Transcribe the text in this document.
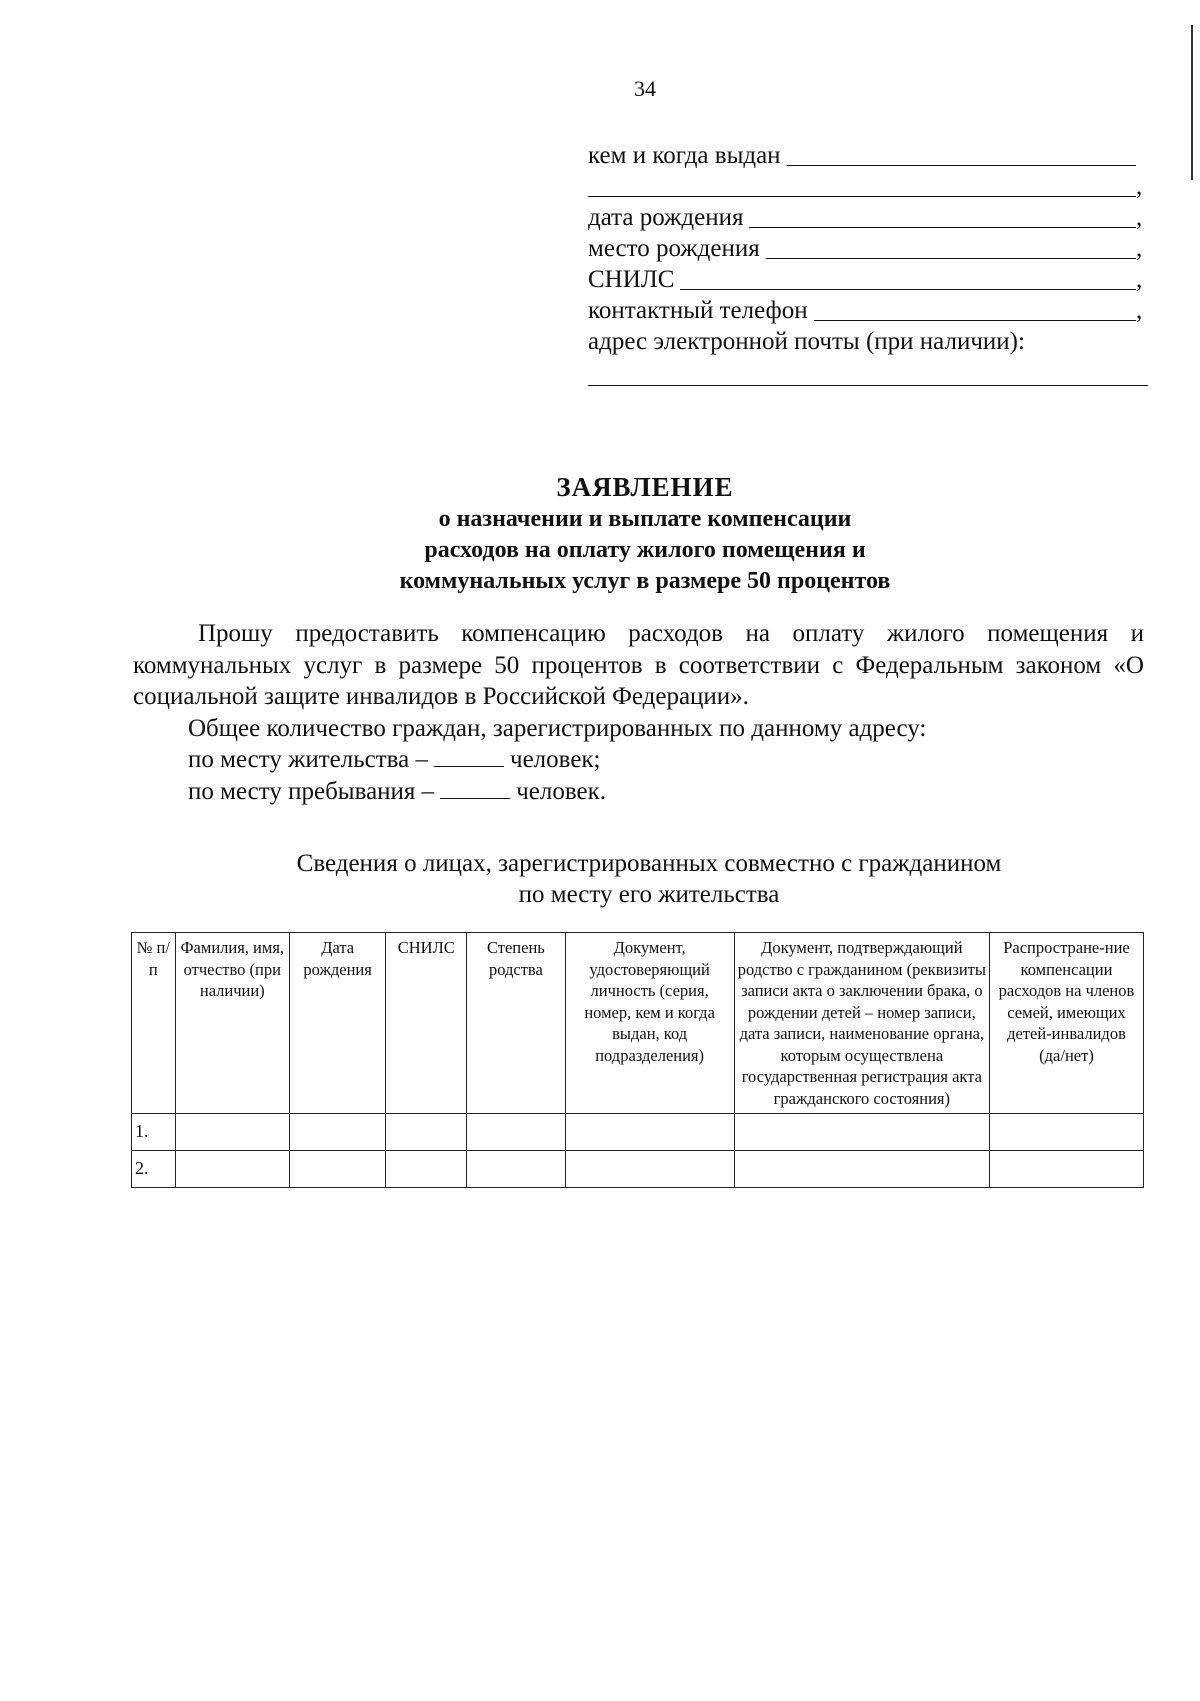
34
кем и когда выдан
,
дата рождения	,
место рождения	,
СНИЛС	,
контактный телефон	,
адрес электронной почты (при наличии):
ЗАЯВЛЕНИЕ
о назначении и выплате компенсации
расходов на оплату жилого помещения и
коммунальных услуг в размере 50 процентов

Прошу предоставить компенсацию расходов на оплату жилого помещения и коммунальных услуг в размере 50 процентов в соответствии с Федеральным законом «О социальной защите инвалидов в Российской Федерации».

Общее количество граждан, зарегистрированных по данному адресу:

по месту жительства –	человек;

по месту пребывания –	человек.

Сведения о лицах, зарегистрированных совместно с гражданином
по месту его жительства
№ п/п	Фамилия, имя, отчество (при наличии)	Дата рождения	СНИЛС	Степень родства	Документ, удостоверяющий личность (серия, номер, кем и когда выдан, код подразделения)	Документ, подтверждающий родство с гражданином (реквизиты записи акта о заключении брака, о рождении детей – номер записи, дата записи, наименование органа, которым осуществлена государственная регистрация акта гражданского состояния)	Распростране-ние компенсации расходов на членов семей, имеющих детей-инвалидов (да/нет)
1.							
2.							
